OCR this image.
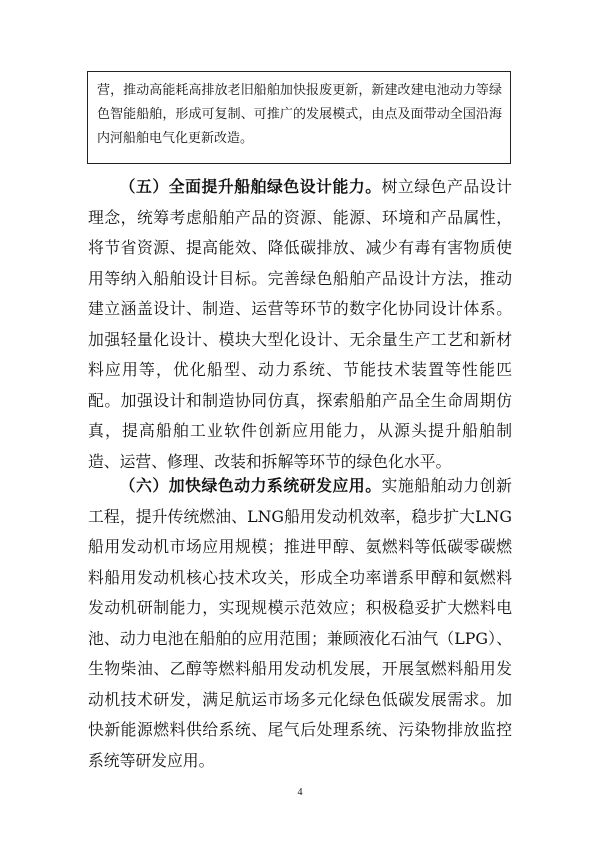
营，推动高能耗高排放老旧船舶加快报废更新，新建改建电池动力等绿色智能船舶，形成可复制、可推广的发展模式，由点及面带动全国沿海内河船舶电气化更新改造。

（五）全面提升船舶绿色设计能力。树立绿色产品设计理念，统筹考虑船舶产品的资源、能源、环境和产品属性，将节省资源、提高能效、降低碳排放、减少有毒有害物质使用等纳入船舶设计目标。完善绿色船舶产品设计方法，推动建立涵盖设计、制造、运营等环节的数字化协同设计体系。加强轻量化设计、模块大型化设计、无余量生产工艺和新材料应用等，优化船型、动力系统、节能技术装置等性能匹配。加强设计和制造协同仿真，探索船舶产品全生命周期仿真，提高船舶工业软件创新应用能力，从源头提升船舶制造、运营、修理、改装和拆解等环节的绿色化水平。

（六）加快绿色动力系统研发应用。实施船舶动力创新工程，提升传统燃油、LNG船用发动机效率，稳步扩大LNG船用发动机市场应用规模；推进甲醇、氨燃料等低碳零碳燃料船用发动机核心技术攻关，形成全功率谱系甲醇和氨燃料发动机研制能力，实现规模示范效应；积极稳妥扩大燃料电池、动力电池在船舶的应用范围；兼顾液化石油气（LPG）、生物柴油、乙醇等燃料船用发动机发展，开展氢燃料船用发动机技术研发，满足航运市场多元化绿色低碳发展需求。加快新能源燃料供给系统、尾气后处理系统、污染物排放监控系统等研发应用。

4
